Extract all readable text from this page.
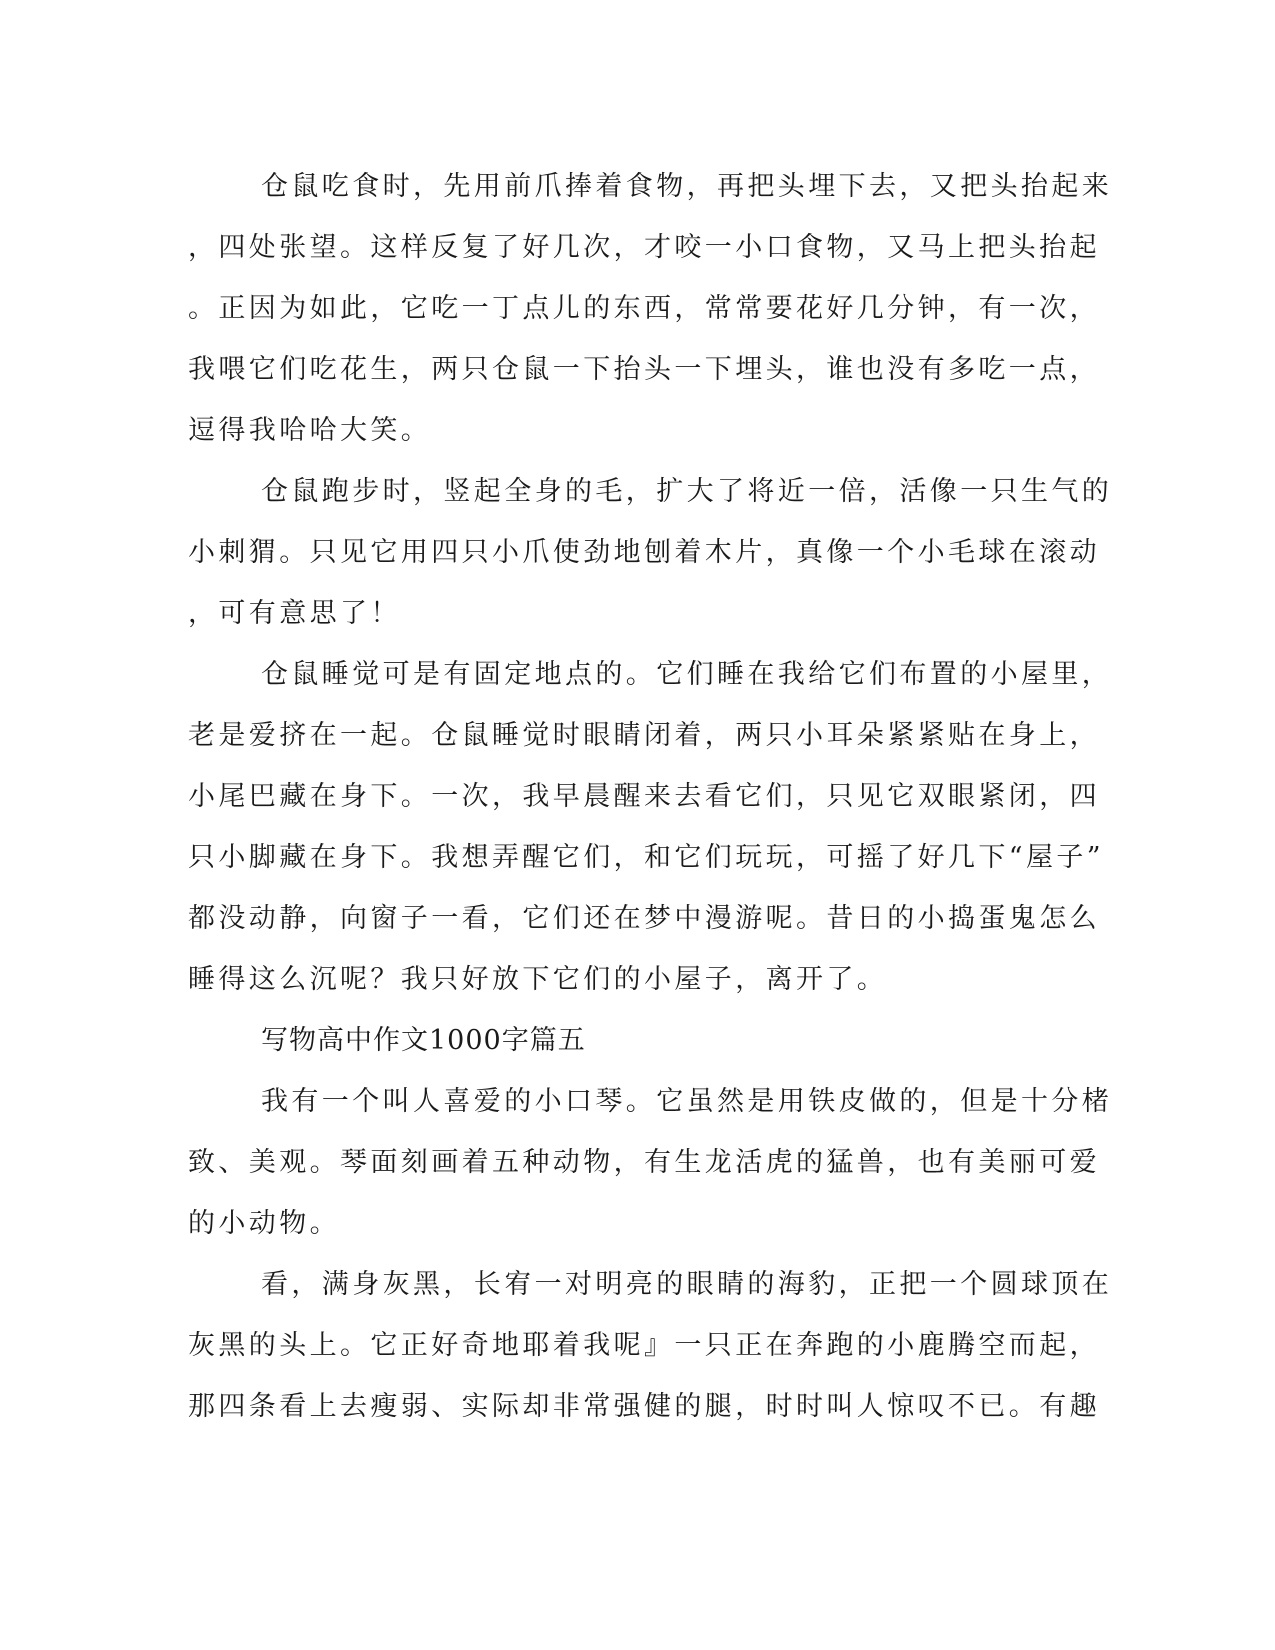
仓鼠吃食时，先用前爪捧着食物，再把头埋下去，又把头抬起来
，四处张望。这样反复了好几次，才咬一小口食物，又马上把头抬起
。正因为如此，它吃一丁点儿的东西，常常要花好几分钟，有一次，
我喂它们吃花生，两只仓鼠一下抬头一下埋头，谁也没有多吃一点，
逗得我哈哈大笑。
仓鼠跑步时，竖起全身的毛，扩大了将近一倍，活像一只生气的
小刺猬。只见它用四只小爪使劲地刨着木片，真像一个小毛球在滚动
，可有意思了！
仓鼠睡觉可是有固定地点的。它们睡在我给它们布置的小屋里，
老是爱挤在一起。仓鼠睡觉时眼睛闭着，两只小耳朵紧紧贴在身上，
小尾巴藏在身下。一次，我早晨醒来去看它们，只见它双眼紧闭，四
只小脚藏在身下。我想弄醒它们，和它们玩玩，可摇了好几下“屋子”
都没动静，向窗子一看，它们还在梦中漫游呢。昔日的小捣蛋鬼怎么
睡得这么沉呢？我只好放下它们的小屋子，离开了。
写物高中作文1000字篇五
我有一个叫人喜爱的小口琴。它虽然是用铁皮做的，但是十分楮
致、美观。琴面刻画着五种动物，有生龙活虎的猛兽，也有美丽可爱
的小动物。
看，满身灰黑，长宥一对明亮的眼睛的海豹，正把一个圆球顶在
灰黑的头上。它正好奇地耶着我呢』一只正在奔跑的小鹿腾空而起，
那四条看上去瘦弱、实际却非常强健的腿，时时叫人惊叹不已。有趣
